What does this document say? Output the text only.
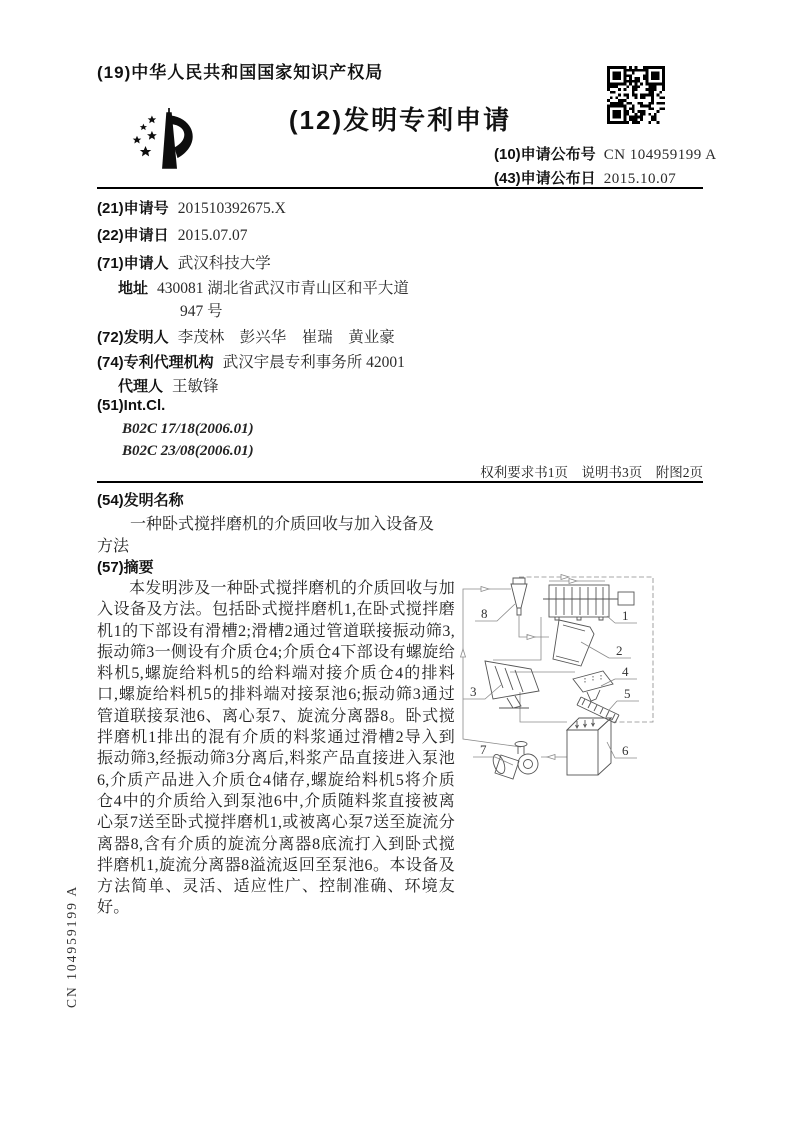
(19)中华人民共和国国家知识产权局
(12)发明专利申请
(10)申请公布号 CN 104959199 A
(43)申请公布日 2015.10.07
(21)申请号 201510392675.X
(22)申请日 2015.07.07
(71)申请人 武汉科技大学
地址 430081 湖北省武汉市青山区和平大道
947 号
(72)发明人 李茂林　彭兴华　崔瑞　黄业豪
(74)专利代理机构 武汉宇晨专利事务所 42001
代理人 王敏锋
(51)Int.Cl.
B02C 17/18(2006.01)
B02C 23/08(2006.01)
权利要求书1页　说明书3页　附图2页
(54)发明名称
一种卧式搅拌磨机的介质回收与加入设备及
方法
(57)摘要
本发明涉及一种卧式搅拌磨机的介质回收与加入设备及方法。包括卧式搅拌磨机1,在卧式搅拌磨机1的下部设有滑槽2;滑槽2通过管道联接振动筛3,振动筛3一侧设有介质仓4;介质仓4下部设有螺旋给料机5,螺旋给料机5的给料端对接介质仓4的排料口,螺旋给料机5的排料端对接泵池6;振动筛3通过管道联接泵池6、离心泵7、旋流分离器8。卧式搅拌磨机1排出的混有介质的料浆通过滑槽2导入到振动筛3,经振动筛3分离后,料浆产品直接进入泵池6,介质产品进入介质仓4储存,螺旋给料机5将介质仓4中的介质给入到泵池6中,介质随料浆直接被离心泵7送至卧式搅拌磨机1,或被离心泵7送至旋流分离器8,含有介质的旋流分离器8底流打入到卧式搅拌磨机1,旋流分离器8溢流返回至泵池6。本设备及方法简单、灵活、适应性广、控制准确、环境友好。
8	1
2
3
4
5
6
7
CN 104959199 A
